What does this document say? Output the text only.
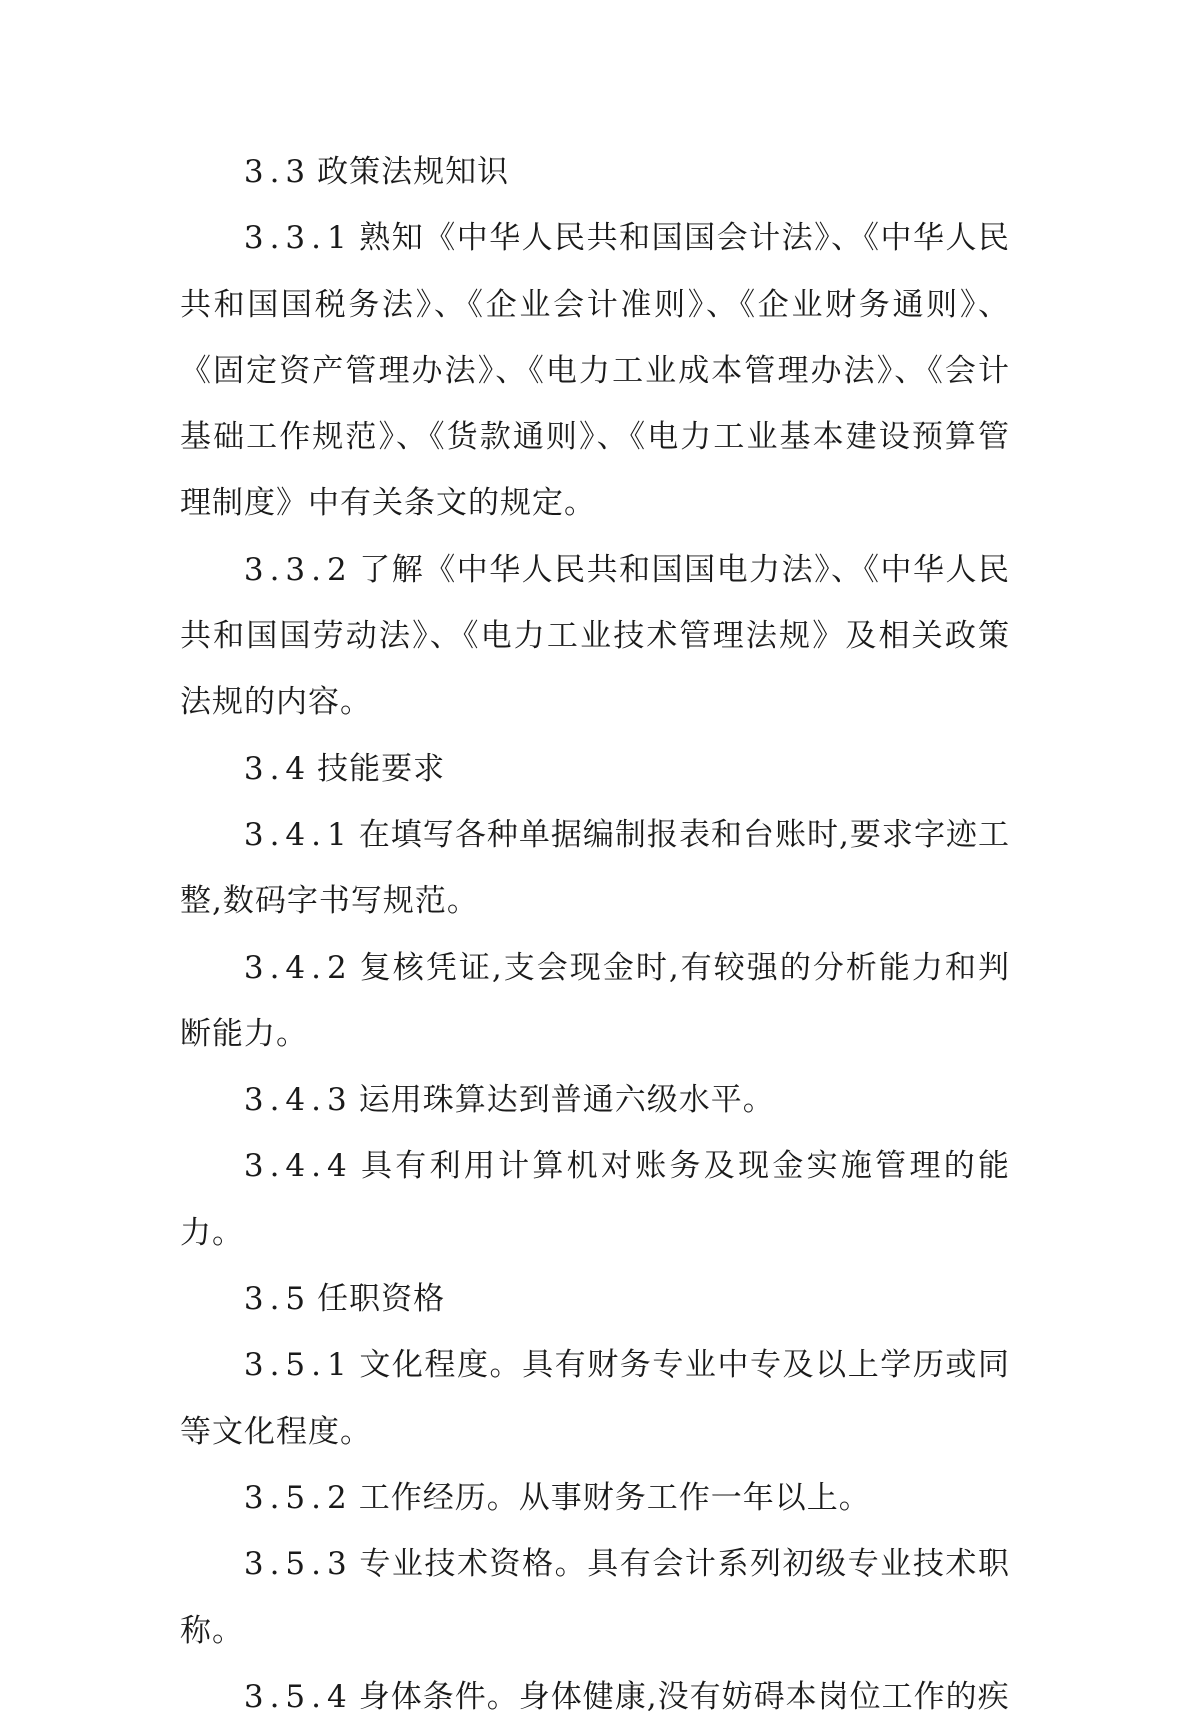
3.3 政策法规知识

3.3.1 熟知《中华人民共和国国会计法》、《中华人民共和国国税务法》、《企业会计准则》、《企业财务通则》、《固定资产管理办法》、《电力工业成本管理办法》、《会计基础工作规范》、《货款通则》、《电力工业基本建设预算管理制度》中有关条文的规定。

3.3.2 了解《中华人民共和国国电力法》、《中华人民共和国国劳动法》、《电力工业技术管理法规》及相关政策法规的内容。

3.4 技能要求

3.4.1 在填写各种单据编制报表和台账时,要求字迹工整,数码字书写规范。

3.4.2 复核凭证,支会现金时,有较强的分析能力和判断能力。

3.4.3 运用珠算达到普通六级水平。

3.4.4 具有利用计算机对账务及现金实施管理的能力。

3.5 任职资格

3.5.1 文化程度。具有财务专业中专及以上学历或同等文化程度。

3.5.2 工作经历。从事财务工作一年以上。

3.5.3 专业技术资格。具有会计系列初级专业技术职称。

3.5.4 身体条件。身体健康,没有妨碍本岗位工作的疾
